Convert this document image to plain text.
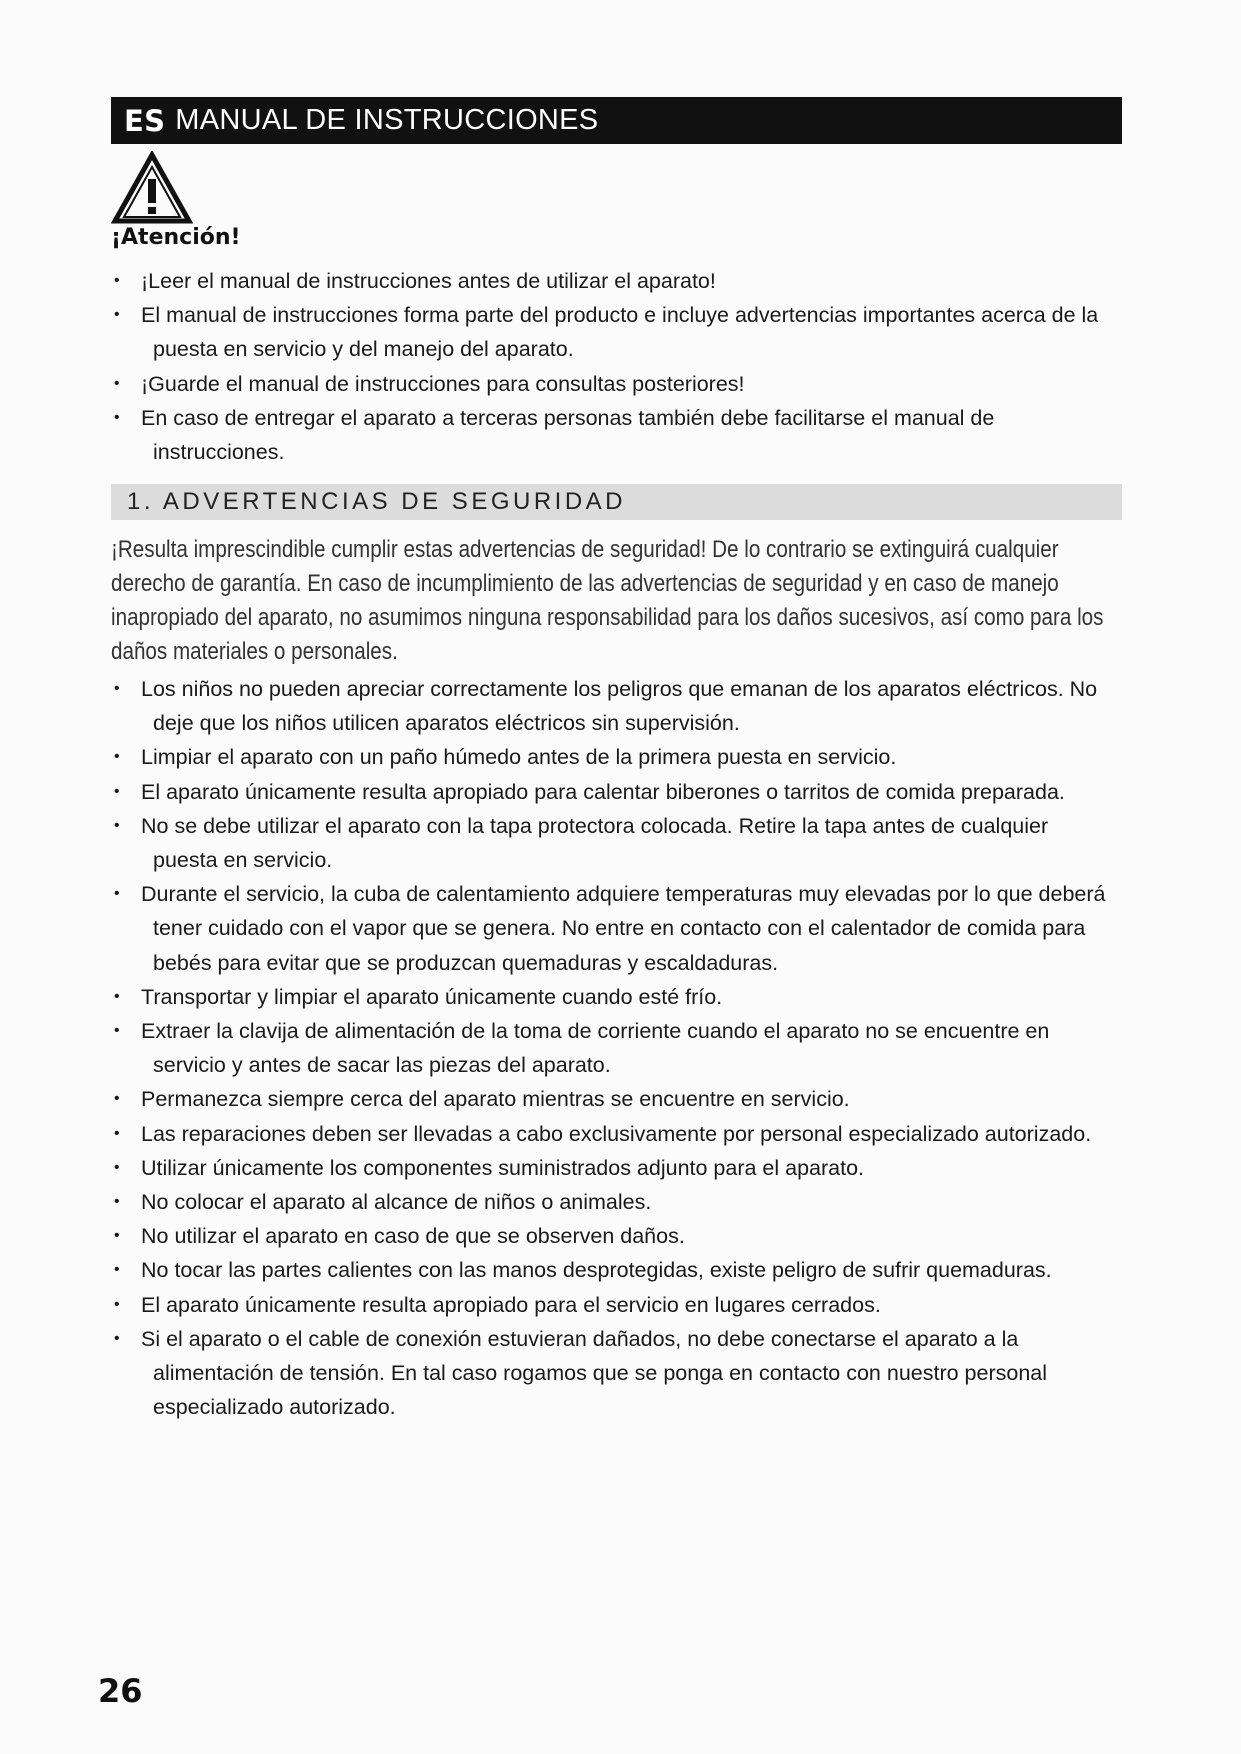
ES MANUAL DE INSTRUCCIONES
¡Atención!
• ¡Leer el manual de instrucciones antes de utilizar el aparato!
• El manual de instrucciones forma parte del producto e incluye advertencias importantes acerca de la puesta en servicio y del manejo del aparato.
• ¡Guarde el manual de instrucciones para consultas posteriores!
• En caso de entregar el aparato a terceras personas también debe facilitarse el manual de instrucciones.
1. ADVERTENCIAS DE SEGURIDAD
¡Resulta imprescindible cumplir estas advertencias de seguridad! De lo contrario se extinguirá cualquier derecho de garantía. En caso de incumplimiento de las advertencias de seguridad y en caso de manejo inapropiado del aparato, no asumimos ninguna responsabilidad para los daños sucesivos, así como para los daños materiales o personales.
• Los niños no pueden apreciar correctamente los peligros que emanan de los aparatos eléctricos. No deje que los niños utilicen aparatos eléctricos sin supervisión.
• Limpiar el aparato con un paño húmedo antes de la primera puesta en servicio.
• El aparato únicamente resulta apropiado para calentar biberones o tarritos de comida preparada.
• No se debe utilizar el aparato con la tapa protectora colocada. Retire la tapa antes de cualquier puesta en servicio.
• Durante el servicio, la cuba de calentamiento adquiere temperaturas muy elevadas por lo que deberá tener cuidado con el vapor que se genera. No entre en contacto con el calentador de comida para bebés para evitar que se produzcan quemaduras y escaldaduras.
• Transportar y limpiar el aparato únicamente cuando esté frío.
• Extraer la clavija de alimentación de la toma de corriente cuando el aparato no se encuentre en servicio y antes de sacar las piezas del aparato.
• Permanezca siempre cerca del aparato mientras se encuentre en servicio.
• Las reparaciones deben ser llevadas a cabo exclusivamente por personal especializado autorizado.
• Utilizar únicamente los componentes suministrados adjunto para el aparato.
• No colocar el aparato al alcance de niños o animales.
• No utilizar el aparato en caso de que se observen daños.
• No tocar las partes calientes con las manos desprotegidas, existe peligro de sufrir quemaduras.
• El aparato únicamente resulta apropiado para el servicio en lugares cerrados.
• Si el aparato o el cable de conexión estuvieran dañados, no debe conectarse el aparato a la alimentación de tensión. En tal caso rogamos que se ponga en contacto con nuestro personal especializado autorizado.
26
